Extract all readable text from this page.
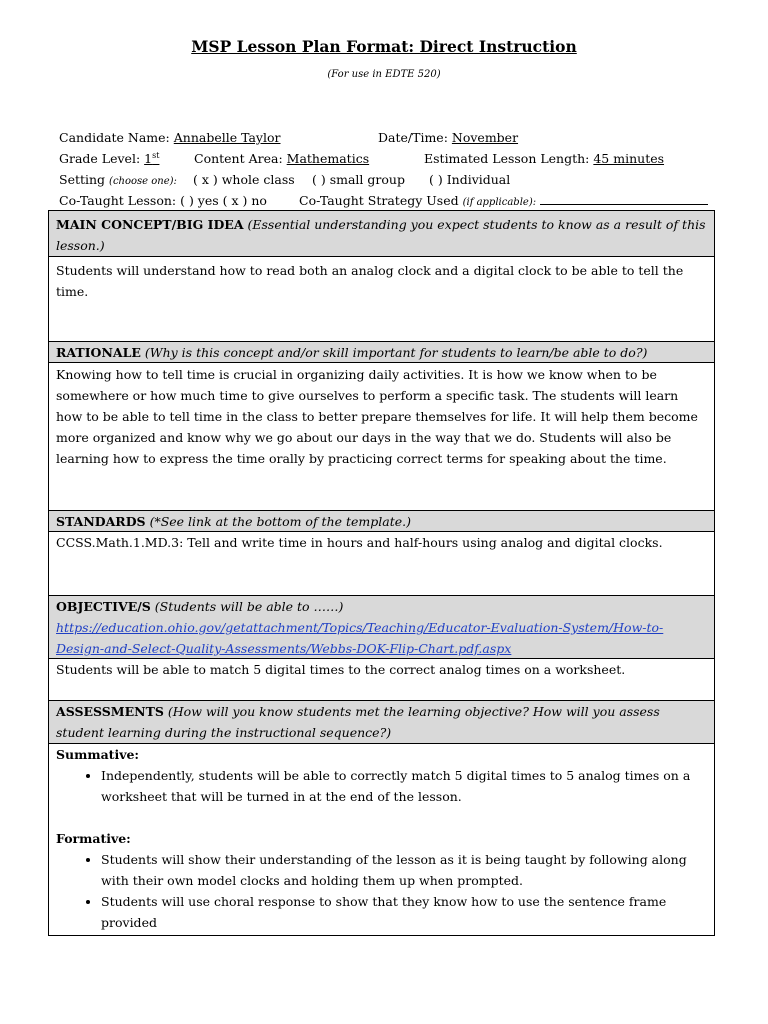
MSP Lesson Plan Format: Direct Instruction
(For use in EDTE 520)
Candidate Name: Annabelle Taylor	Date/Time: November
Grade Level: 1st	Content Area: Mathematics	Estimated Lesson Length: 45 minutes
Setting (choose one): ( x ) whole class ( ) small group ( ) Individual
Co-Taught Lesson: ( ) yes ( x ) no	Co-Taught Strategy Used (if applicable):
MAIN CONCEPT/BIG IDEA (Essential understanding you expect students to know as a result of this lesson.)
Students will understand how to read both an analog clock and a digital clock to be able to tell the time.
RATIONALE (Why is this concept and/or skill important for students to learn/be able to do?)
Knowing how to tell time is crucial in organizing daily activities. It is how we know when to be somewhere or how much time to give ourselves to perform a specific task. The students will learn how to be able to tell time in the class to better prepare themselves for life. It will help them become more organized and know why we go about our days in the way that we do. Students will also be learning how to express the time orally by practicing correct terms for speaking about the time.
STANDARDS (*See link at the bottom of the template.)
CCSS.Math.1.MD.3: Tell and write time in hours and half-hours using analog and digital clocks.
OBJECTIVE/S (Students will be able to ……)
https://education.ohio.gov/getattachment/Topics/Teaching/Educator-Evaluation-System/How-to-Design-and-Select-Quality-Assessments/Webbs-DOK-Flip-Chart.pdf.aspx
Students will be able to match 5 digital times to the correct analog times on a worksheet.
ASSESSMENTS (How will you know students met the learning objective? How will you assess student learning during the instructional sequence?)
Summative:
• Independently, students will be able to correctly match 5 digital times to 5 analog times on a worksheet that will be turned in at the end of the lesson.
Formative:
• Students will show their understanding of the lesson as it is being taught by following along with their own model clocks and holding them up when prompted.
• Students will use choral response to show that they know how to use the sentence frame provided
